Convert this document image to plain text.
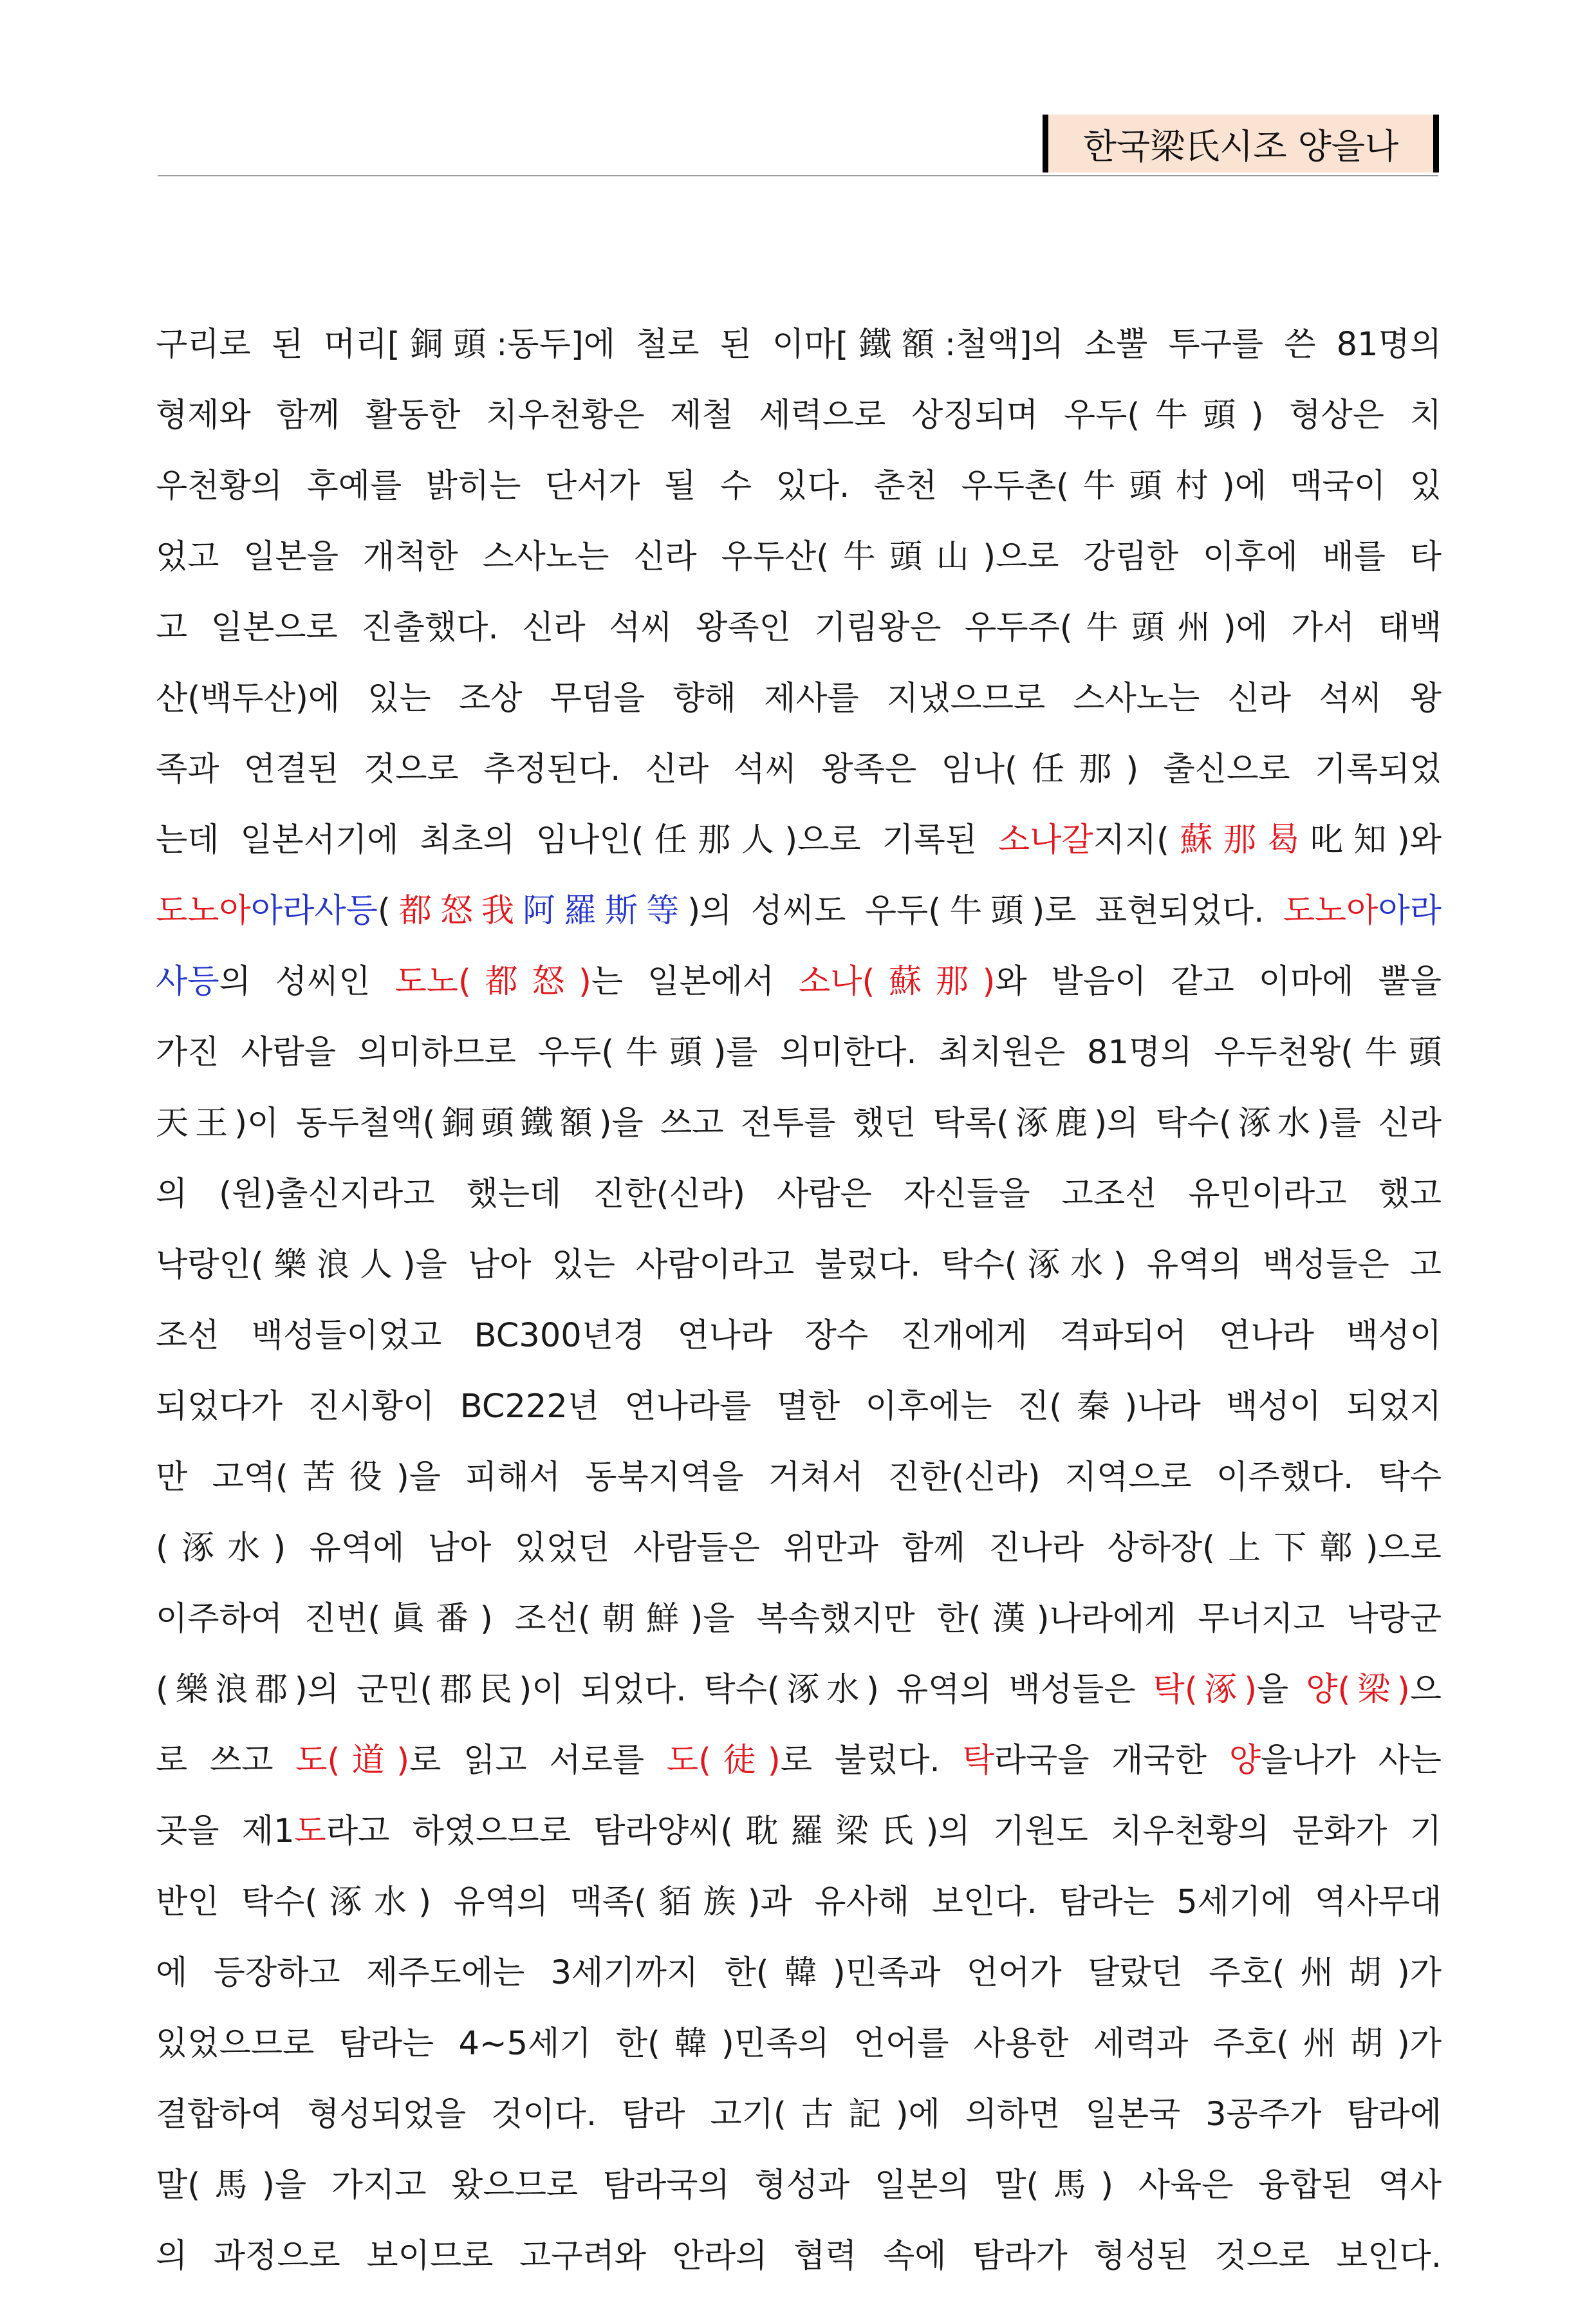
한국梁氏시조 양을나
구리로 된 머리[銅頭:동두]에 철로 된 이마[鐵額:철액]의 소뿔 투구를 쓴 81명의
형제와 함께 활동한 치우천황은 제철 세력으로 상징되며 우두(牛頭) 형상은 치
우천황의 후예를 밝히는 단서가 될 수 있다. 춘천 우두촌(牛頭村)에 맥국이 있
었고 일본을 개척한 스사노는 신라 우두산(牛頭山)으로 강림한 이후에 배를 타
고 일본으로 진출했다. 신라 석씨 왕족인 기림왕은 우두주(牛頭州)에 가서 태백
산(백두산)에 있는 조상 무덤을 향해 제사를 지냈으므로 스사노는 신라 석씨 왕
족과 연결된 것으로 추정된다. 신라 석씨 왕족은 임나(任那) 출신으로 기록되었
는데 일본서기에 최초의 임나인(任那人)으로 기록된 소나갈지지(蘇那曷叱知)와
도노아아라사등(都怒我阿羅斯等)의 성씨도 우두(牛頭)로 표현되었다. 도노아아라
사등의 성씨인 도노(都怒)는 일본에서 소나(蘇那)와 발음이 같고 이마에 뿔을
가진 사람을 의미하므로 우두(牛頭)를 의미한다. 최치원은 81명의 우두천왕(牛頭
天王)이 동두철액(銅頭鐵額)을 쓰고 전투를 했던 탁록(涿鹿)의 탁수(涿水)를 신라
의 (원)출신지라고 했는데 진한(신라) 사람은 자신들을 고조선 유민이라고 했고
낙랑인(樂浪人)을 남아 있는 사람이라고 불렀다. 탁수(涿水) 유역의 백성들은 고
조선 백성들이었고 BC300년경 연나라 장수 진개에게 격파되어 연나라 백성이
되었다가 진시황이 BC222년 연나라를 멸한 이후에는 진(秦)나라 백성이 되었지
만 고역(苦役)을 피해서 동북지역을 거쳐서 진한(신라) 지역으로 이주했다. 탁수
(涿水) 유역에 남아 있었던 사람들은 위만과 함께 진나라 상하장(上下鄣)으로
이주하여 진번(眞番) 조선(朝鮮)을 복속했지만 한(漢)나라에게 무너지고 낙랑군
(樂浪郡)의 군민(郡民)이 되었다. 탁수(涿水) 유역의 백성들은 탁(涿)을 양(梁)으
로 쓰고 도(道)로 읽고 서로를 도(徒)로 불렀다. 탁라국을 개국한 양을나가 사는
곳을 제1도라고 하였으므로 탐라양씨(耽羅梁氏)의 기원도 치우천황의 문화가 기
반인 탁수(涿水) 유역의 맥족(貊族)과 유사해 보인다. 탐라는 5세기에 역사무대
에 등장하고 제주도에는 3세기까지 한(韓)민족과 언어가 달랐던 주호(州胡)가
있었으므로 탐라는 4~5세기 한(韓)민족의 언어를 사용한 세력과 주호(州胡)가
결합하여 형성되었을 것이다. 탐라 고기(古記)에 의하면 일본국 3공주가 탐라에
말(馬)을 가지고 왔으므로 탐라국의 형성과 일본의 말(馬) 사육은 융합된 역사
의 과정으로 보이므로 고구려와 안라의 협력 속에 탐라가 형성된 것으로 보인다.
